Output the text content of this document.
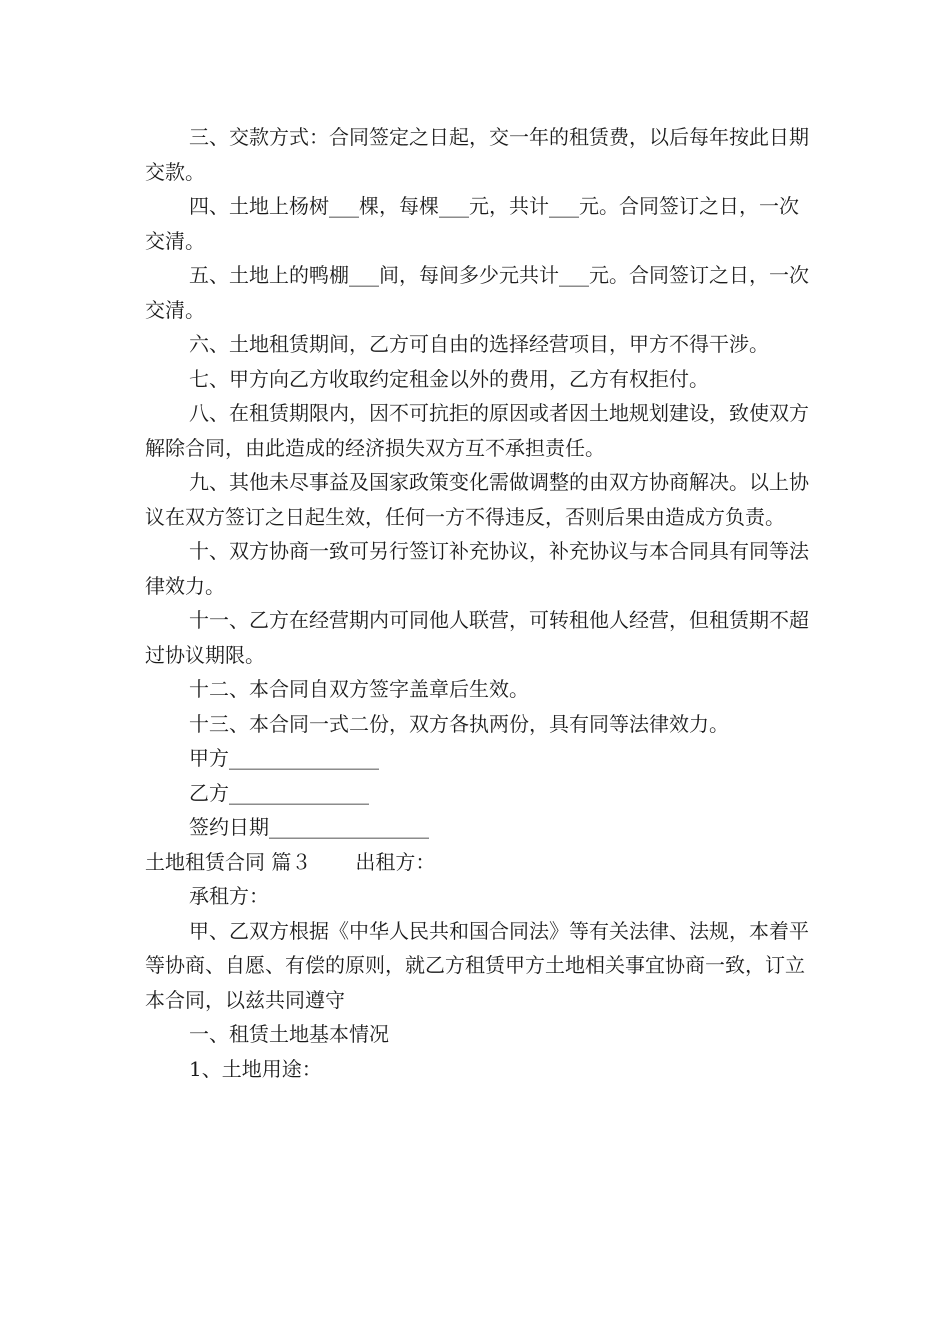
三、交款方式：合同签定之日起，交一年的租赁费，以后每年按此日期交款。

四、土地上杨树___棵，每棵___元，共计___元。合同签订之日，一次交清。

五、土地上的鸭棚___间，每间多少元共计___元。合同签订之日，一次交清。

六、土地租赁期间，乙方可自由的选择经营项目，甲方不得干涉。

七、甲方向乙方收取约定租金以外的费用，乙方有权拒付。

八、在租赁期限内，因不可抗拒的原因或者因土地规划建设，致使双方解除合同，由此造成的经济损失双方互不承担责任。

九、其他未尽事益及国家政策变化需做调整的由双方协商解决。以上协议在双方签订之日起生效，任何一方不得违反，否则后果由造成方负责。

十、双方协商一致可另行签订补充协议，补充协议与本合同具有同等法律效力。

十一、乙方在经营期内可同他人联营，可转租他人经营，但租赁期不超过协议期限。

十二、本合同自双方签字盖章后生效。

十三、本合同一式二份，双方各执两份，具有同等法律效力。

甲方_______________

乙方______________

签约日期________________

土地租赁合同 篇３ 出租方：

承租方：

甲、乙双方根据《中华人民共和国合同法》等有关法律、法规，本着平等协商、自愿、有偿的原则，就乙方租赁甲方土地相关事宜协商一致，订立本合同，以兹共同遵守

一、租赁土地基本情况

1、土地用途：
